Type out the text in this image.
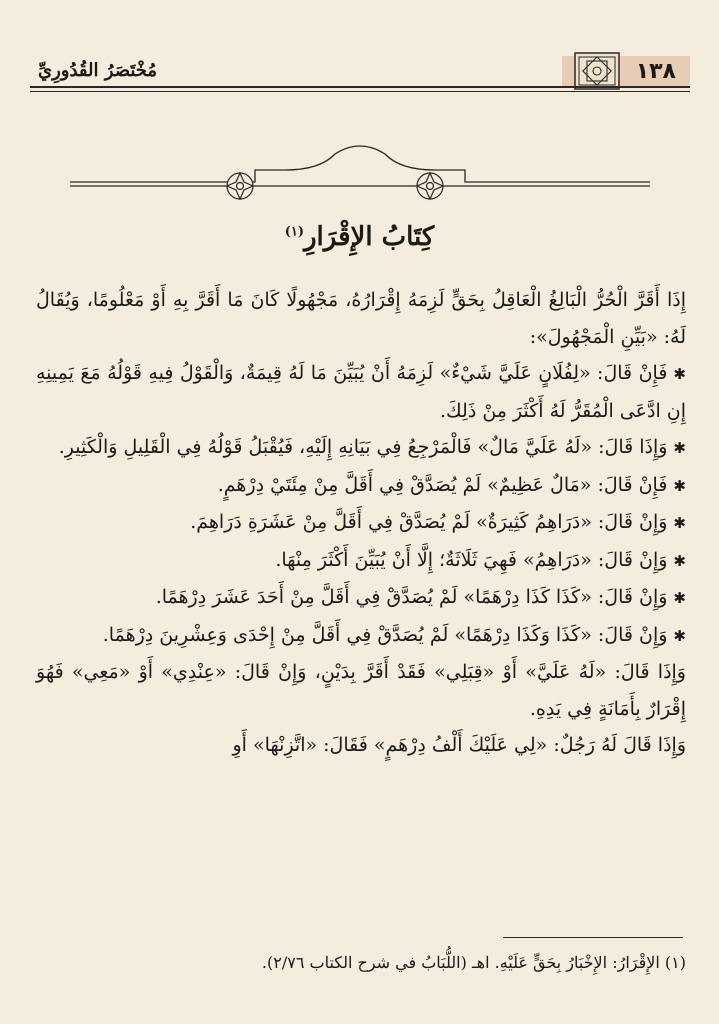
١٣٨
مُخْتَصَرُ القُدُورِيِّ
كِتَابُ الإِقْرَارِ$^{(١)}$

إِذَا أَقَرَّ الْحُرُّ الْبَالِغُ الْعَاقِلُ بِحَقٍّ لَزِمَهُ إِقْرَارُهُ، مَجْهُولًا كَانَ مَا أَقَرَّ بِهِ أَوْ مَعْلُومًا، وَيُقَالُ لَهُ: «بَيِّنِ الْمَجْهُولَ»:

✱فَإِنْ قَالَ: «لِفُلَانٍ عَلَيَّ شَيْءٌ» لَزِمَهُ أَنْ يُبَيِّنَ مَا لَهُ قِيمَةٌ، وَالْقَوْلُ فِيهِ قَوْلُهُ مَعَ يَمِينِهِ إِنِ ادَّعَى الْمُقَرُّ لَهُ أَكْثَرَ مِنْ ذَلِكَ.

✱وَإِذَا قَالَ: «لَهُ عَلَيَّ مَالٌ» فَالْمَرْجِعُ فِي بَيَانِهِ إِلَيْهِ، فَيُقْبَلُ قَوْلُهُ فِي الْقَلِيلِ وَالْكَثِيرِ.

✱فَإِنْ قَالَ: «مَالٌ عَظِيمٌ» لَمْ يُصَدَّقْ فِي أَقَلَّ مِنْ مِئَتَيْ دِرْهَمٍ.

✱وَإِنْ قَالَ: «دَرَاهِمُ كَثِيرَةٌ» لَمْ يُصَدَّقْ فِي أَقَلَّ مِنْ عَشَرَةِ دَرَاهِمَ.

✱وَإِنْ قَالَ: «دَرَاهِمُ» فَهِيَ ثَلَاثَةٌ؛ إِلَّا أَنْ يُبَيِّنَ أَكْثَرَ مِنْهَا.

✱وَإِنْ قَالَ: «كَذَا كَذَا دِرْهَمًا» لَمْ يُصَدَّقْ فِي أَقَلَّ مِنْ أَحَدَ عَشَرَ دِرْهَمًا.

✱وَإِنْ قَالَ: «كَذَا وَكَذَا دِرْهَمًا» لَمْ يُصَدَّقْ فِي أَقَلَّ مِنْ إِحْدَى وَعِشْرِينَ دِرْهَمًا.

وَإِذَا قَالَ: «لَهُ عَلَيَّ» أَوْ «قِبَلِي» فَقَدْ أَقَرَّ بِدَيْنٍ، وَإِنْ قَالَ: «عِنْدِي» أَوْ «مَعِي» فَهُوَ إِقْرَارٌ بِأَمَانَةٍ فِي يَدِهِ.

وَإِذَا قَالَ لَهُ رَجُلٌ: «لِي عَلَيْكَ أَلْفُ دِرْهَمٍ» فَقَالَ: «اتَّزِنْهَا» أَوِ

(١) الإِقْرَارُ: الإِخْبَارُ بِحَقٍّ عَلَيْهِ. اهـ (اللُّبَابُ في شرح الكتاب ٢/٧٦).
